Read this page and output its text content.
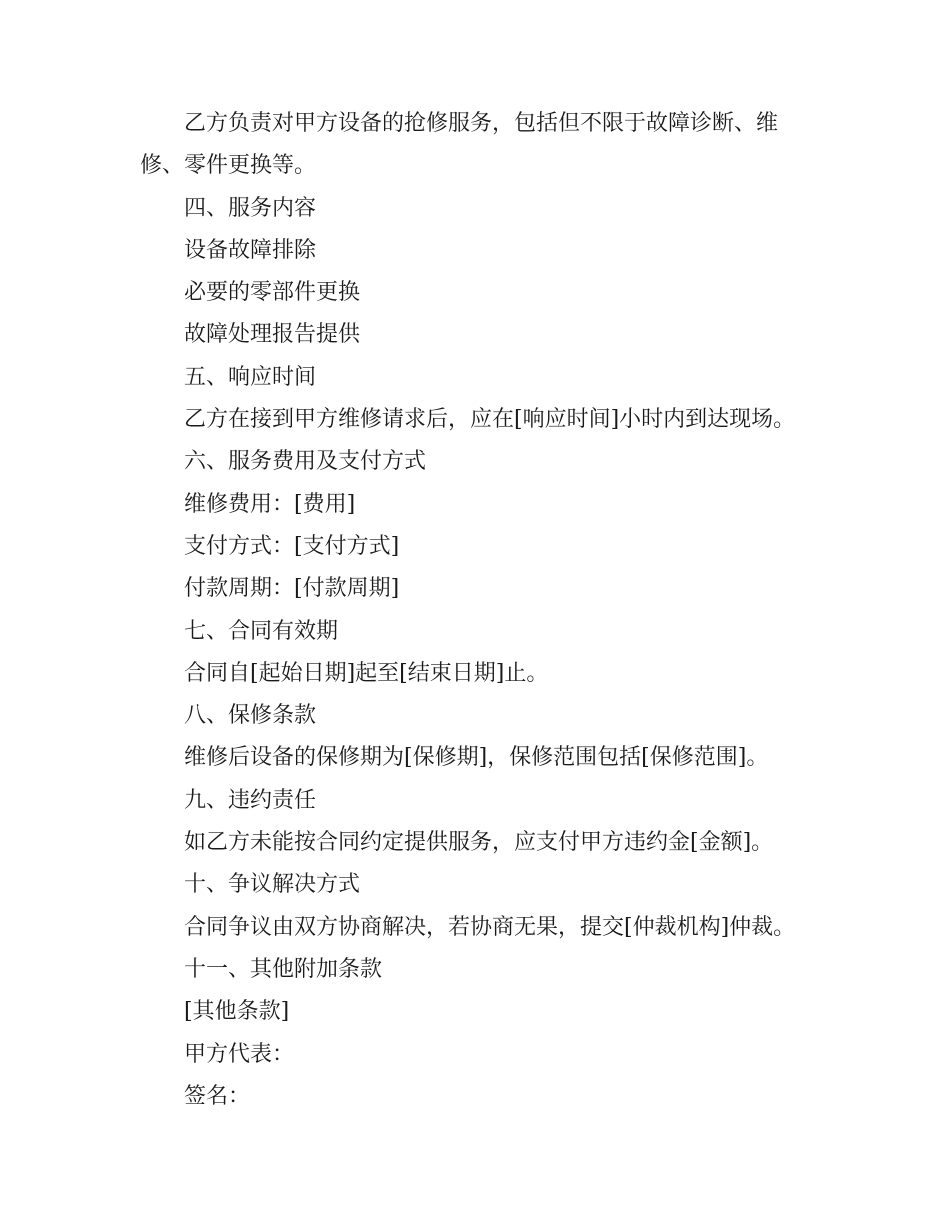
乙方负责对甲方设备的抢修服务，包括但不限于故障诊断、维修、零件更换等。

四、服务内容

设备故障排除

必要的零部件更换

故障处理报告提供

五、响应时间

乙方在接到甲方维修请求后，应在[响应时间]小时内到达现场。

六、服务费用及支付方式

维修费用：[费用]

支付方式：[支付方式]

付款周期：[付款周期]

七、合同有效期

合同自[起始日期]起至[结束日期]止。

八、保修条款

维修后设备的保修期为[保修期]，保修范围包括[保修范围]。

九、违约责任

如乙方未能按合同约定提供服务，应支付甲方违约金[金额]。

十、争议解决方式

合同争议由双方协商解决，若协商无果，提交[仲裁机构]仲裁。

十一、其他附加条款

[其他条款]

甲方代表：

签名：
